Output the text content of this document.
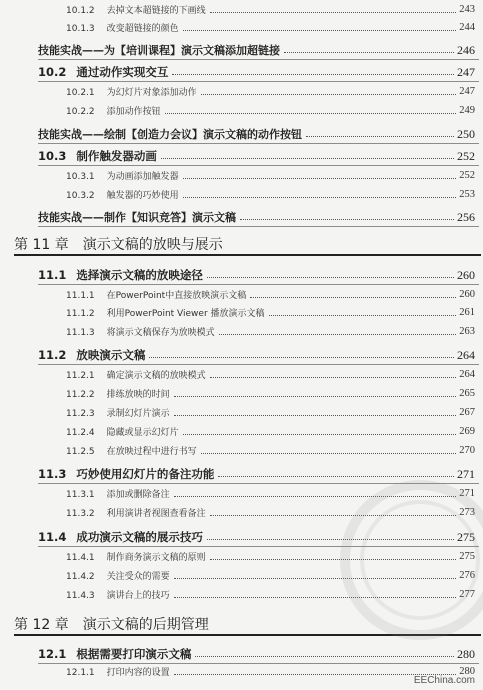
10.1.2 去掉文本超链接的下画线	243
10.1.3 改变超链接的颜色	244
技能实战——为【培训课程】演示文稿添加超链接	246
10.2 通过动作实现交互	247
10.2.1 为幻灯片对象添加动作	247
10.2.2 添加动作按钮	249
技能实战——绘制【创造力会议】演示文稿的动作按钮	250
10.3 制作触发器动画	252
10.3.1 为动画添加触发器	252
10.3.2 触发器的巧妙使用	253
技能实战——制作【知识竞答】演示文稿	256
第 11 章 演示文稿的放映与展示
11.1 选择演示文稿的放映途径	260
11.1.1 在PowerPoint中直接放映演示文稿	260
11.1.2 利用PowerPoint Viewer 播放演示文稿	261
11.1.3 将演示文稿保存为放映模式	263
11.2 放映演示文稿	264
11.2.1 确定演示文稿的放映模式	264
11.2.2 排练放映的时间	265
11.2.3 录制幻灯片演示	267
11.2.4 隐藏或显示幻灯片	269
11.2.5 在放映过程中进行书写	270
11.3 巧妙使用幻灯片的备注功能	271
11.3.1 添加或删除备注	271
11.3.2 利用演讲者视图查看备注	273
11.4 成功演示文稿的展示技巧	275
11.4.1 制作商务演示文稿的原则	275
11.4.2 关注受众的需要	276
11.4.3 演讲台上的技巧	277
第 12 章 演示文稿的后期管理
12.1 根据需要打印演示文稿	280
12.1.1 打印内容的设置	280
EEChina.com
